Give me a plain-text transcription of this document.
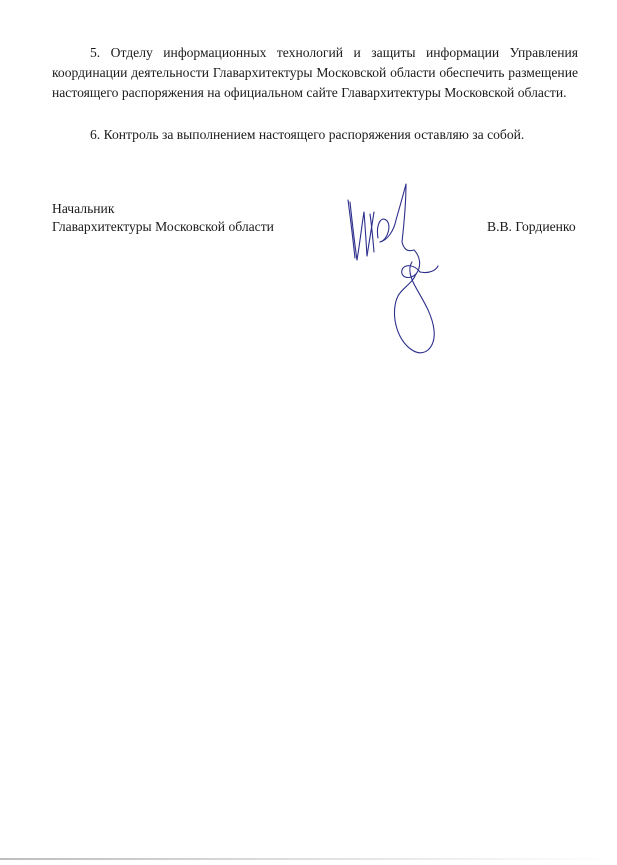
5. Отделу информационных технологий и защиты информации Управления координации деятельности Главархитектуры Московской области обеспечить размещение настоящего распоряжения на официальном сайте Главархитектуры Московской области.

6. Контроль за выполнением настоящего распоряжения оставляю за собой.

Начальник
Главархитектуры Московской области	В.В. Гордиенко
